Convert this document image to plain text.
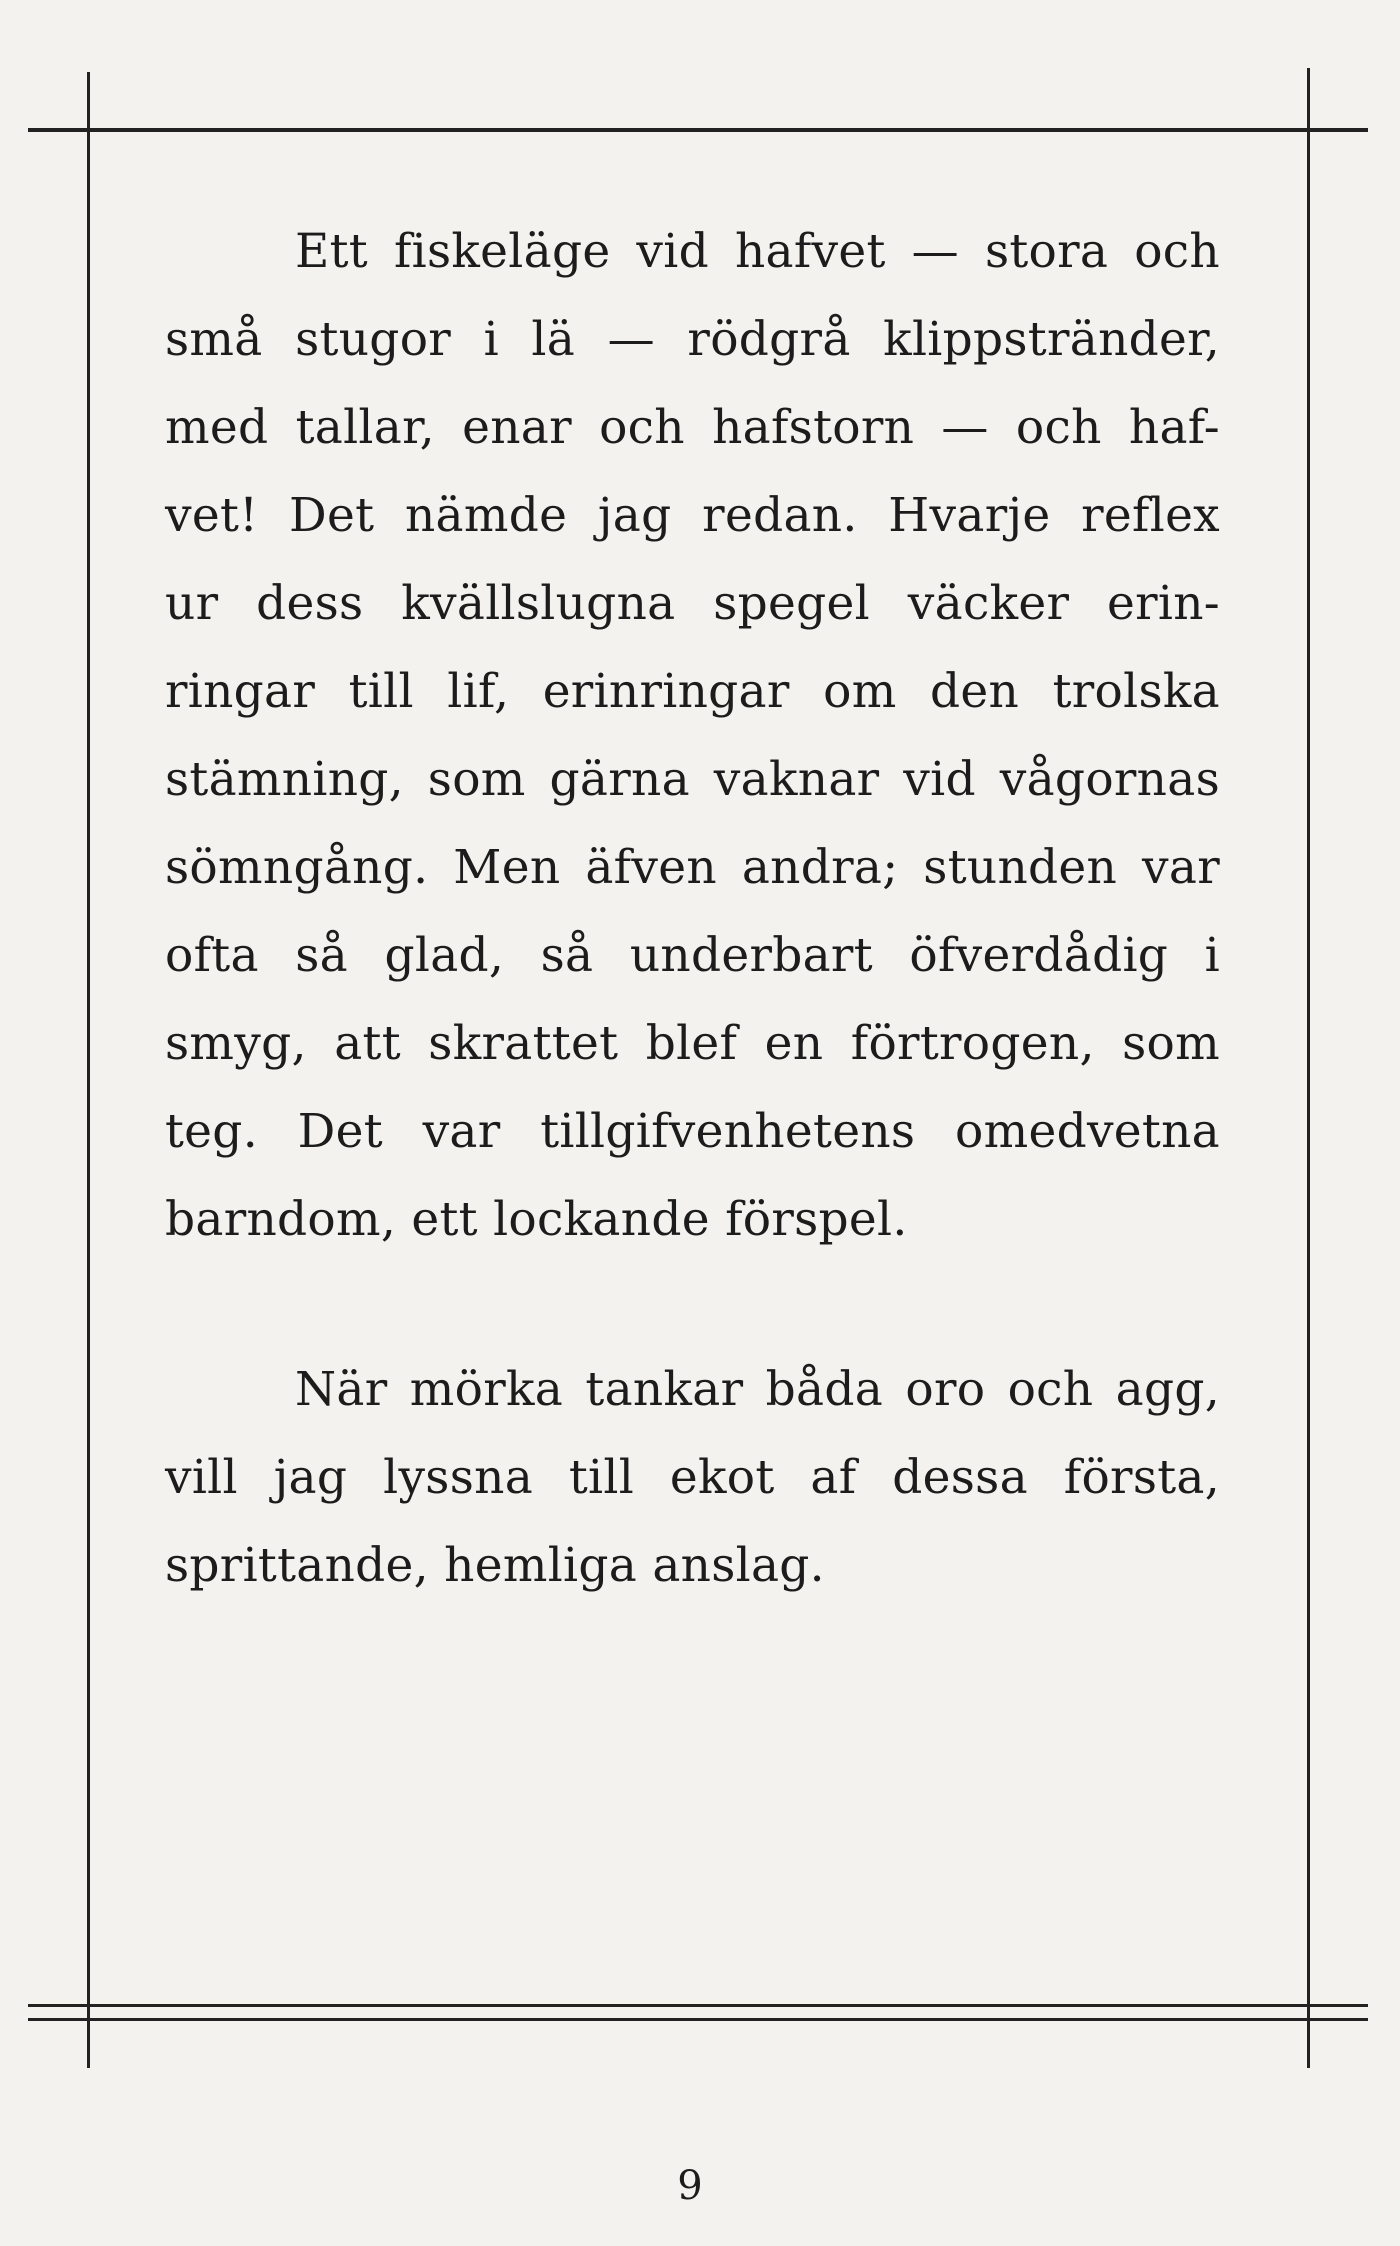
Ett fiskeläge vid hafvet — stora och
små stugor i lä — rödgrå klippstränder,
med tallar, enar och hafstorn — och haf-
vet! Det nämde jag redan. Hvarje reflex
ur dess kvällslugna spegel väcker erin-
ringar till lif, erinringar om den trolska
stämning, som gärna vaknar vid vågornas
sömngång. Men äfven andra; stunden var
ofta så glad, så underbart öfverdådig i
smyg, att skrattet blef en förtrogen, som
teg. Det var tillgifvenhetens omedvetna
barndom, ett lockande förspel.
När mörka tankar båda oro och agg,
vill jag lyssna till ekot af dessa första,
sprittande, hemliga anslag.
9
